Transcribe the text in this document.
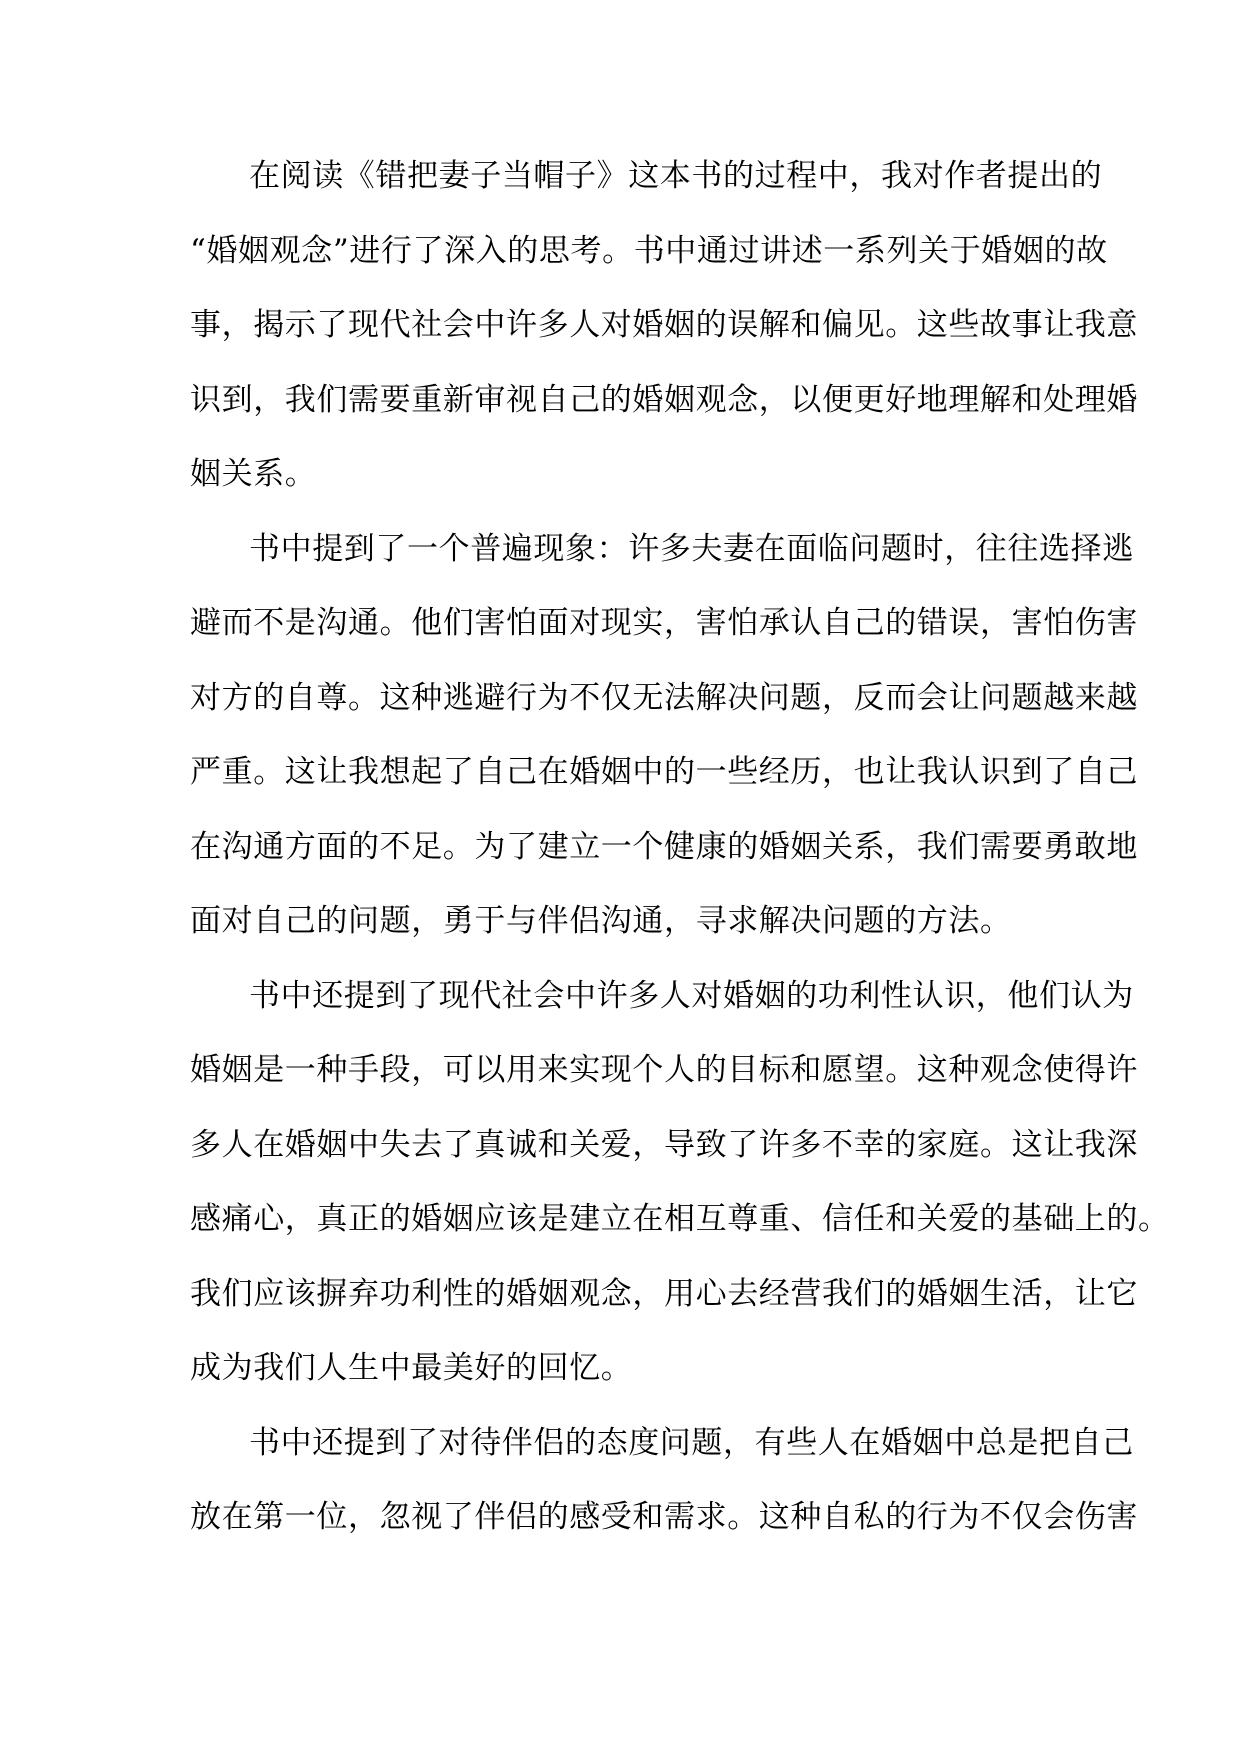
在阅读《错把妻子当帽子》这本书的过程中，我对作者提出的
“婚姻观念”进行了深入的思考。书中通过讲述一系列关于婚姻的故
事，揭示了现代社会中许多人对婚姻的误解和偏见。这些故事让我意
识到，我们需要重新审视自己的婚姻观念，以便更好地理解和处理婚
姻关系。
书中提到了一个普遍现象：许多夫妻在面临问题时，往往选择逃
避而不是沟通。他们害怕面对现实，害怕承认自己的错误，害怕伤害
对方的自尊。这种逃避行为不仅无法解决问题，反而会让问题越来越
严重。这让我想起了自己在婚姻中的一些经历，也让我认识到了自己
在沟通方面的不足。为了建立一个健康的婚姻关系，我们需要勇敢地
面对自己的问题，勇于与伴侣沟通，寻求解决问题的方法。
书中还提到了现代社会中许多人对婚姻的功利性认识，他们认为
婚姻是一种手段，可以用来实现个人的目标和愿望。这种观念使得许
多人在婚姻中失去了真诚和关爱，导致了许多不幸的家庭。这让我深
感痛心，真正的婚姻应该是建立在相互尊重、信任和关爱的基础上的。
我们应该摒弃功利性的婚姻观念，用心去经营我们的婚姻生活，让它
成为我们人生中最美好的回忆。
书中还提到了对待伴侣的态度问题，有些人在婚姻中总是把自己
放在第一位，忽视了伴侣的感受和需求。这种自私的行为不仅会伤害
